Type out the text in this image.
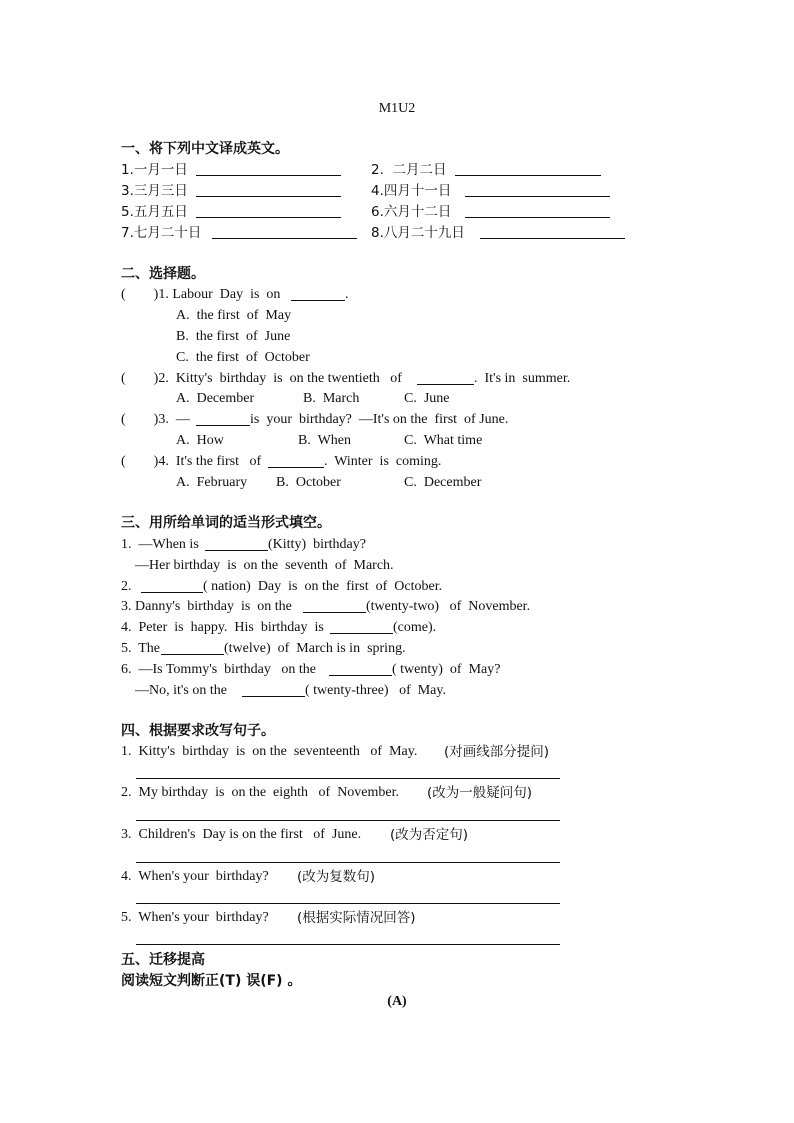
M1U2
一、将下列中文译成英文。
1.一月一日	2.  二月二日
3.三月三日	4.四月十一日
5.五月五日	6.六月十二日
7.七月二十日	8.八月二十九日
二、选择题。
(        )1. Labour  Day  is  on	.
A.  the first  of  May
B.  the first  of  June
C.  the first  of  October
(        )2.  Kitty's  birthday  is  on the twentieth   of	.  It's in  summer.
A.  December	B.  March	C.  June
(        )3.  —	is  your  birthday?  —It's on the  first  of June.
A.  How	B.  When	C.  What time
(        )4.  It's the first   of	.  Winter  is  coming.
A.  February B.  October	C.  December
三、用所给单词的适当形式填空。
1.  —When is	(Kitty)  birthday?
—Her birthday  is  on the  seventh  of  March.
2.	( nation)  Day  is  on the  first  of  October.
3. Danny's  birthday  is  on the	(twenty-two)   of  November.
4.  Peter  is  happy.  His  birthday  is	(come).
5.  The	(twelve)  of  March is in  spring.
6.  —Is Tommy's  birthday   on the	( twenty)  of  May?
—No, it's on the	( twenty-three)   of  May.
四、根据要求改写句子。
1.  Kitty's  birthday  is  on the  seventeenth   of  May. (对画线部分提问)
2.  My birthday  is  on the  eighth   of  November. (改为一般疑问句)
3.  Children's  Day is on the first   of  June. (改为否定句)
4.  When's your  birthday? (改为复数句)
5.  When's your  birthday? (根据实际情况回答)
五、迁移提高
阅读短文判断正(T) 误(F) 。
(A)
